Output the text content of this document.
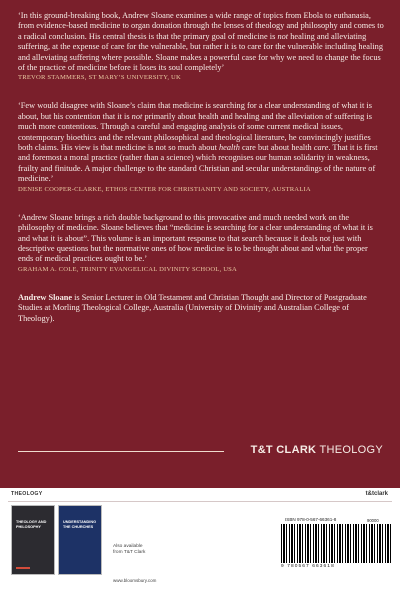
‘In this ground-breaking book, Andrew Sloane examines a wide range of topics from Ebola to euthanasia, from evidence-based medicine to organ donation through the lenses of theology and philosophy and comes to a radical conclusion. His central thesis is that the primary goal of medicine is not healing and alleviating suffering, at the expense of care for the vulnerable, but rather it is to care for the vulnerable including healing and alleviating suffering where possible. Sloane makes a powerful case for why we need to change the focus of the practice of medicine before it loses its soul completely’

TREVOR STAMMERS, ST MARY’S UNIVERSITY, UK

‘Few would disagree with Sloane’s claim that medicine is searching for a clear understanding of what it is about, but his contention that it is not primarily about health and healing and the alleviation of suffering is much more contentious. Through a careful and engaging analysis of some current medical issues, contemporary bioethics and the relevant philosophical and theological literature, he convincingly justifies both claims. His view is that medicine is not so much about health care but about health care. That it is first and foremost a moral practice (rather than a science) which recognises our human solidarity in weakness, frailty and finitude. A major challenge to the standard Christian and secular understandings of the nature of medicine.’

DENISE COOPER-CLARKE, ETHOS CENTER FOR CHRISTIANITY AND SOCIETY, AUSTRALIA

‘Andrew Sloane brings a rich double background to this provocative and much needed work on the philosophy of medicine. Sloane believes that “medicine is searching for a clear understanding of what it is and what it is about”. This volume is an important response to that search because it deals not just with descriptive questions but the normative ones of how medicine is to be thought about and what the proper ends of medical practices ought to be.’

GRAHAM A. COLE, TRINITY EVANGELICAL DIVINITY SCHOOL, USA

Andrew Sloane is Senior Lecturer in Old Testament and Christian Thought and Director of Postgraduate Studies at Morling Theological College, Australia (University of Divinity and Australian College of Theology).

T&T CLARK THEOLOGY
THEOLOGY	t&tclark
THEOLOGY AND PHILOSOPHY
UNDERSTANDING THE CHURCHES
Also available
from T&T Clark
www.bloomsbury.com
ISBN 978-0-567-66361-8	90000
9 780567 663618
